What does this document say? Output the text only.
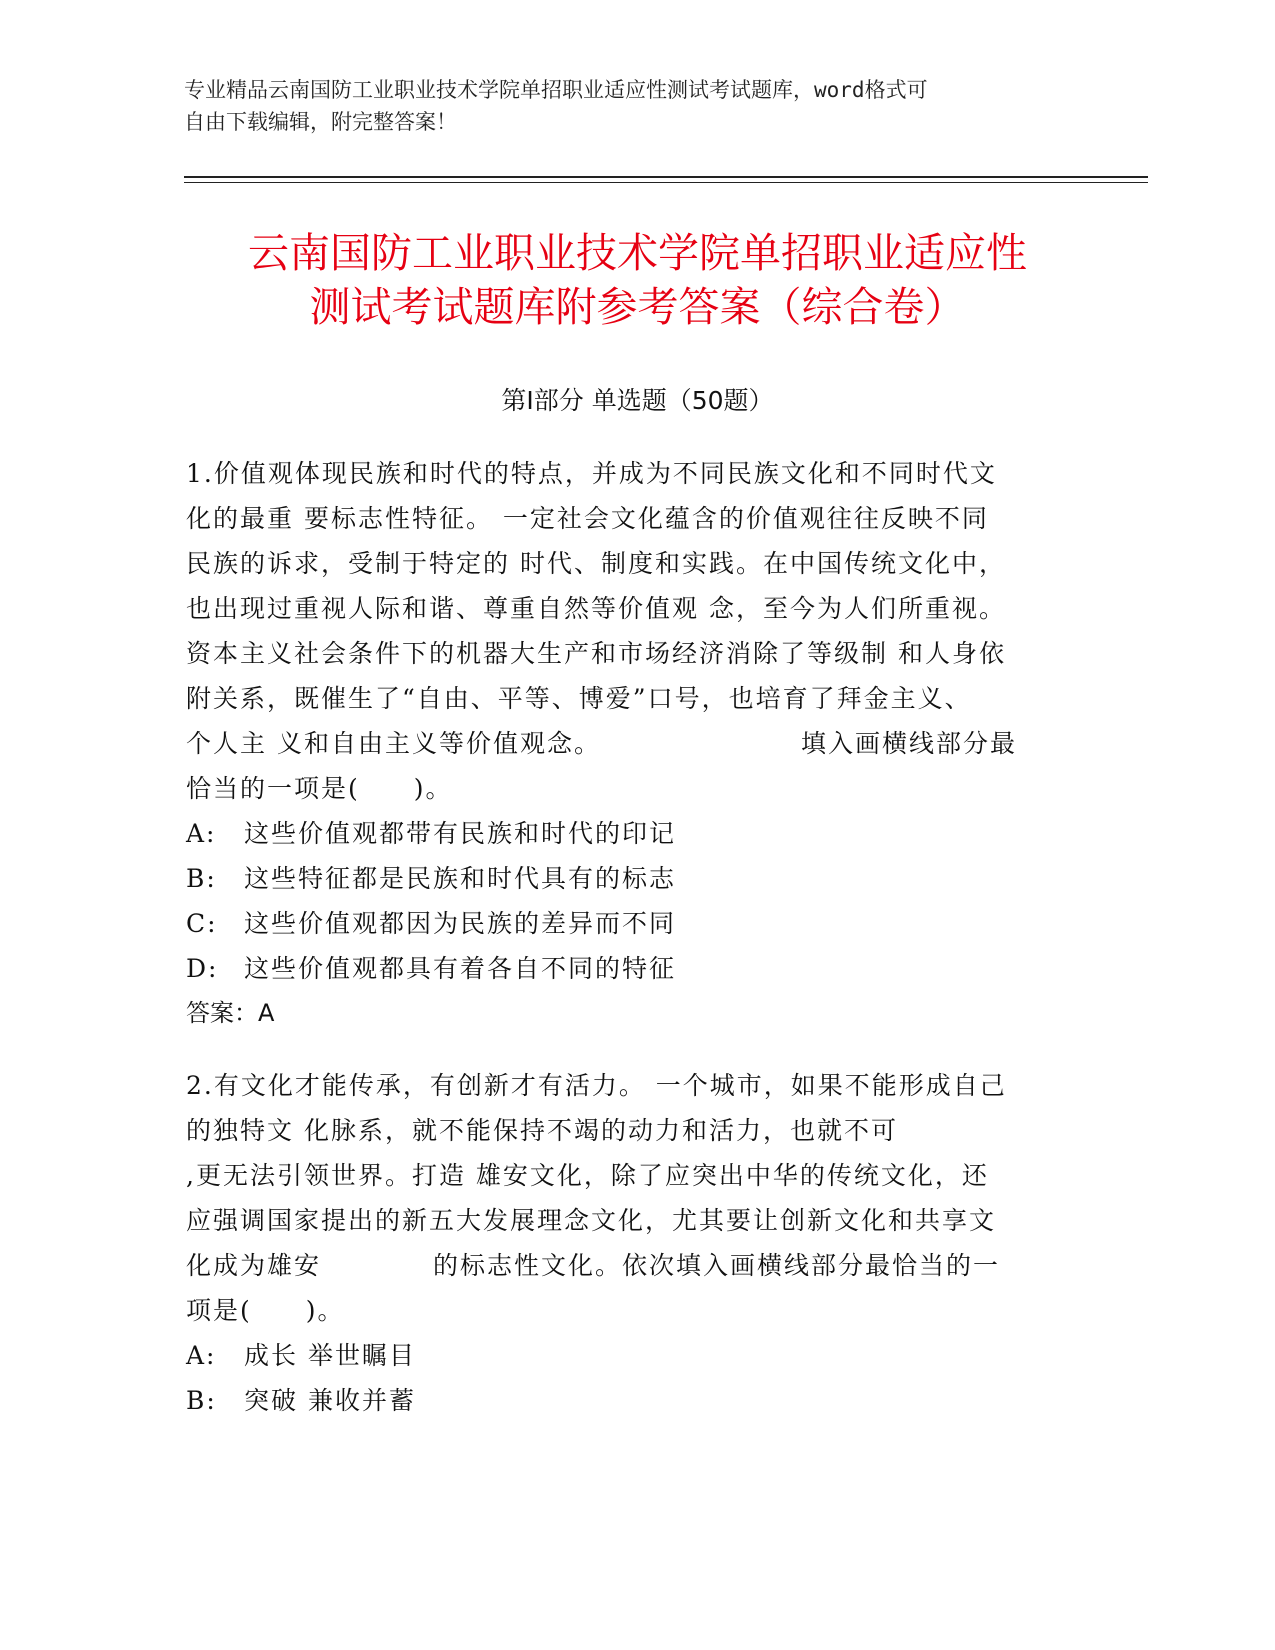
专业精品云南国防工业职业技术学院单招职业适应性测试考试题库，word格式可
自由下载编辑，附完整答案！
云南国防工业职业技术学院单招职业适应性
测试考试题库附参考答案（综合卷）
第Ⅰ部分 单选题（50题）
1.价值观体现民族和时代的特点，并成为不同民族文化和不同时代文
化的最重 要标志性特征。 一定社会文化蕴含的价值观往往反映不同
民族的诉求，受制于特定的 时代、制度和实践。在中国传统文化中，
也出现过重视人际和谐、尊重自然等价值观 念，至今为人们所重视。
资本主义社会条件下的机器大生产和市场经济消除了等级制 和人身依
附关系，既催生了“自由、平等、博爱”口号，也培育了拜金主义、
个人主 义和自由主义等价值观念。	填入画横线部分最
恰当的一项是(　　)。
A: 这些价值观都带有民族和时代的印记
B: 这些特征都是民族和时代具有的标志
C: 这些价值观都因为民族的差异而不同
D: 这些价值观都具有着各自不同的特征
答案：A
2.有文化才能传承，有创新才有活力。 一个城市，如果不能形成自己
的独特文 化脉系，就不能保持不竭的动力和活力，也就不可
,更无法引领世界。打造 雄安文化，除了应突出中华的传统文化，还
应强调国家提出的新五大发展理念文化，尤其要让创新文化和共享文
化成为雄安	的标志性文化。依次填入画横线部分最恰当的一
项是(　　)。
A: 成长 举世瞩目
B: 突破 兼收并蓄
